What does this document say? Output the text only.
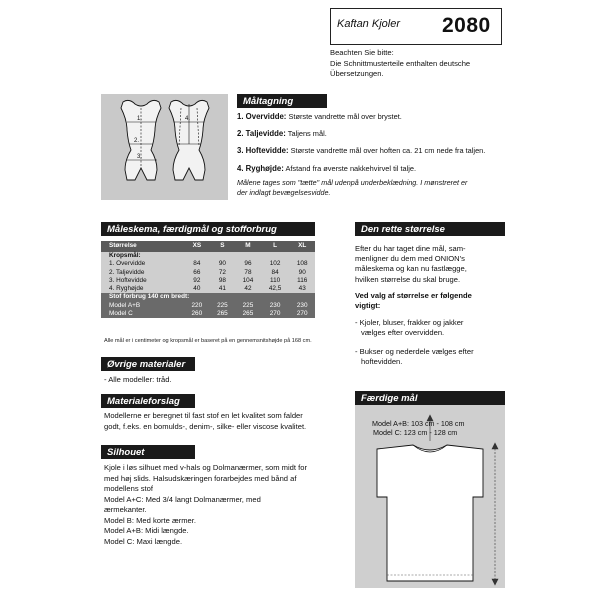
Kaftan Kjoler 2080
Beachten Sie bitte:
Die Schnittmusterteile enthalten deutsche
Übersetzungen.
1.
2.
3.
4.
Måltagning
1. Overvidde: Største vandrette mål over brystet.
2. Taljevidde: Taljens mål.
3. Hoftevidde: Største vandrette mål over hoften ca. 21 cm nede fra taljen.
4. Ryghøjde: Afstand fra øverste nakkehvirvel til talje.
Målene tages som "tætte" mål udenpå underbeklædning. I mønstreret er
der indlagt bevægelsesvidde.
Måleskema, færdigmål og stofforbrug
Størrelse	XS	S	M	L	XL
Kropsmål:					
1. Overvidde	84	90	96	102	108
2. Taljevidde	66	72	78	84	90
3. Hoftevidde	92	98	104	110	116
4. Ryghøjde	40	41	42	42,5	43
Stof forbrug 140 cm bredt:					
Model A+B	220	225	225	230	230
Model C	260	265	265	270	270
Alle mål er i centimeter og kropsmål er baseret på en gennemsnitshøjde på 168 cm.
Øvrige materialer
- Alle modeller: tråd.
Materialeforslag
Modellerne er beregnet til fast stof en let kvalitet som falder
godt, f.eks. en bomulds-, denim-, silke- eller viscose kvalitet.
Silhouet
Kjole i løs silhuet med v-hals og Dolmanærmer, som midt for
med høj slids. Halsudskæringen forarbejdes med bånd af
modellens stof
Model A+C: Med 3/4 langt Dolmanærmer, med
ærmekanter.
Model B: Med korte ærmer.
Model A+B: Midi længde.
Model C: Maxi længde.
Den rette størrelse
Efter du har taget dine mål, sam-
menligner du dem med ONION's
måleskema og kan nu fastlægge,
hvilken størrelse du skal bruge.
Ved valg af størrelse er følgende
vigtigt:
- Kjoler, bluser, frakker og jakker
vælges efter overvidden.
- Bukser og nederdele vælges efter
hoftevidden.
Færdige mål
Model A+B: 103 cm - 108 cm
Model C: 123 cm - 128 cm
